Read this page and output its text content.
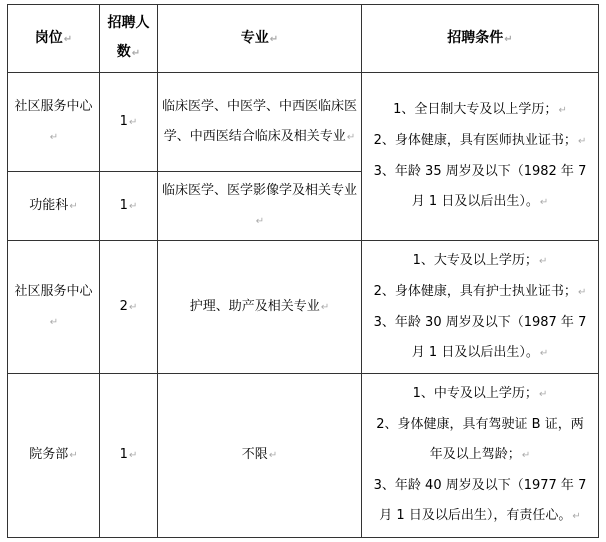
岗位↵	招聘人
数↵	专业↵	招聘条件↵
社区服务中心↵	1↵	临床医学、中医学、中西医临床医学、中西医结合临床及相关专业↵	1、全日制大专及以上学历；↵
2、身体健康，具有医师执业证书；↵
3、年龄 35 周岁及以下（1982 年 7
月 1 日及以后出生）。↵

功能科↵	1↵	临床医学、医学影像学及相关专业↵	
社区服务中心↵	2↵	护理、助产及相关专业↵	1、大专及以上学历；↵
2、身体健康，具有护士执业证书；↵
3、年龄 30 周岁及以下（1987 年 7
月 1 日及以后出生）。↵

院务部↵	1↵	不限↵	1、中专及以上学历；↵
2、身体健康，具有驾驶证 B 证，两
年及以上驾龄；↵
3、年龄 40 周岁及以下（1977 年 7
月 1 日及以后出生），有责任心。↵
